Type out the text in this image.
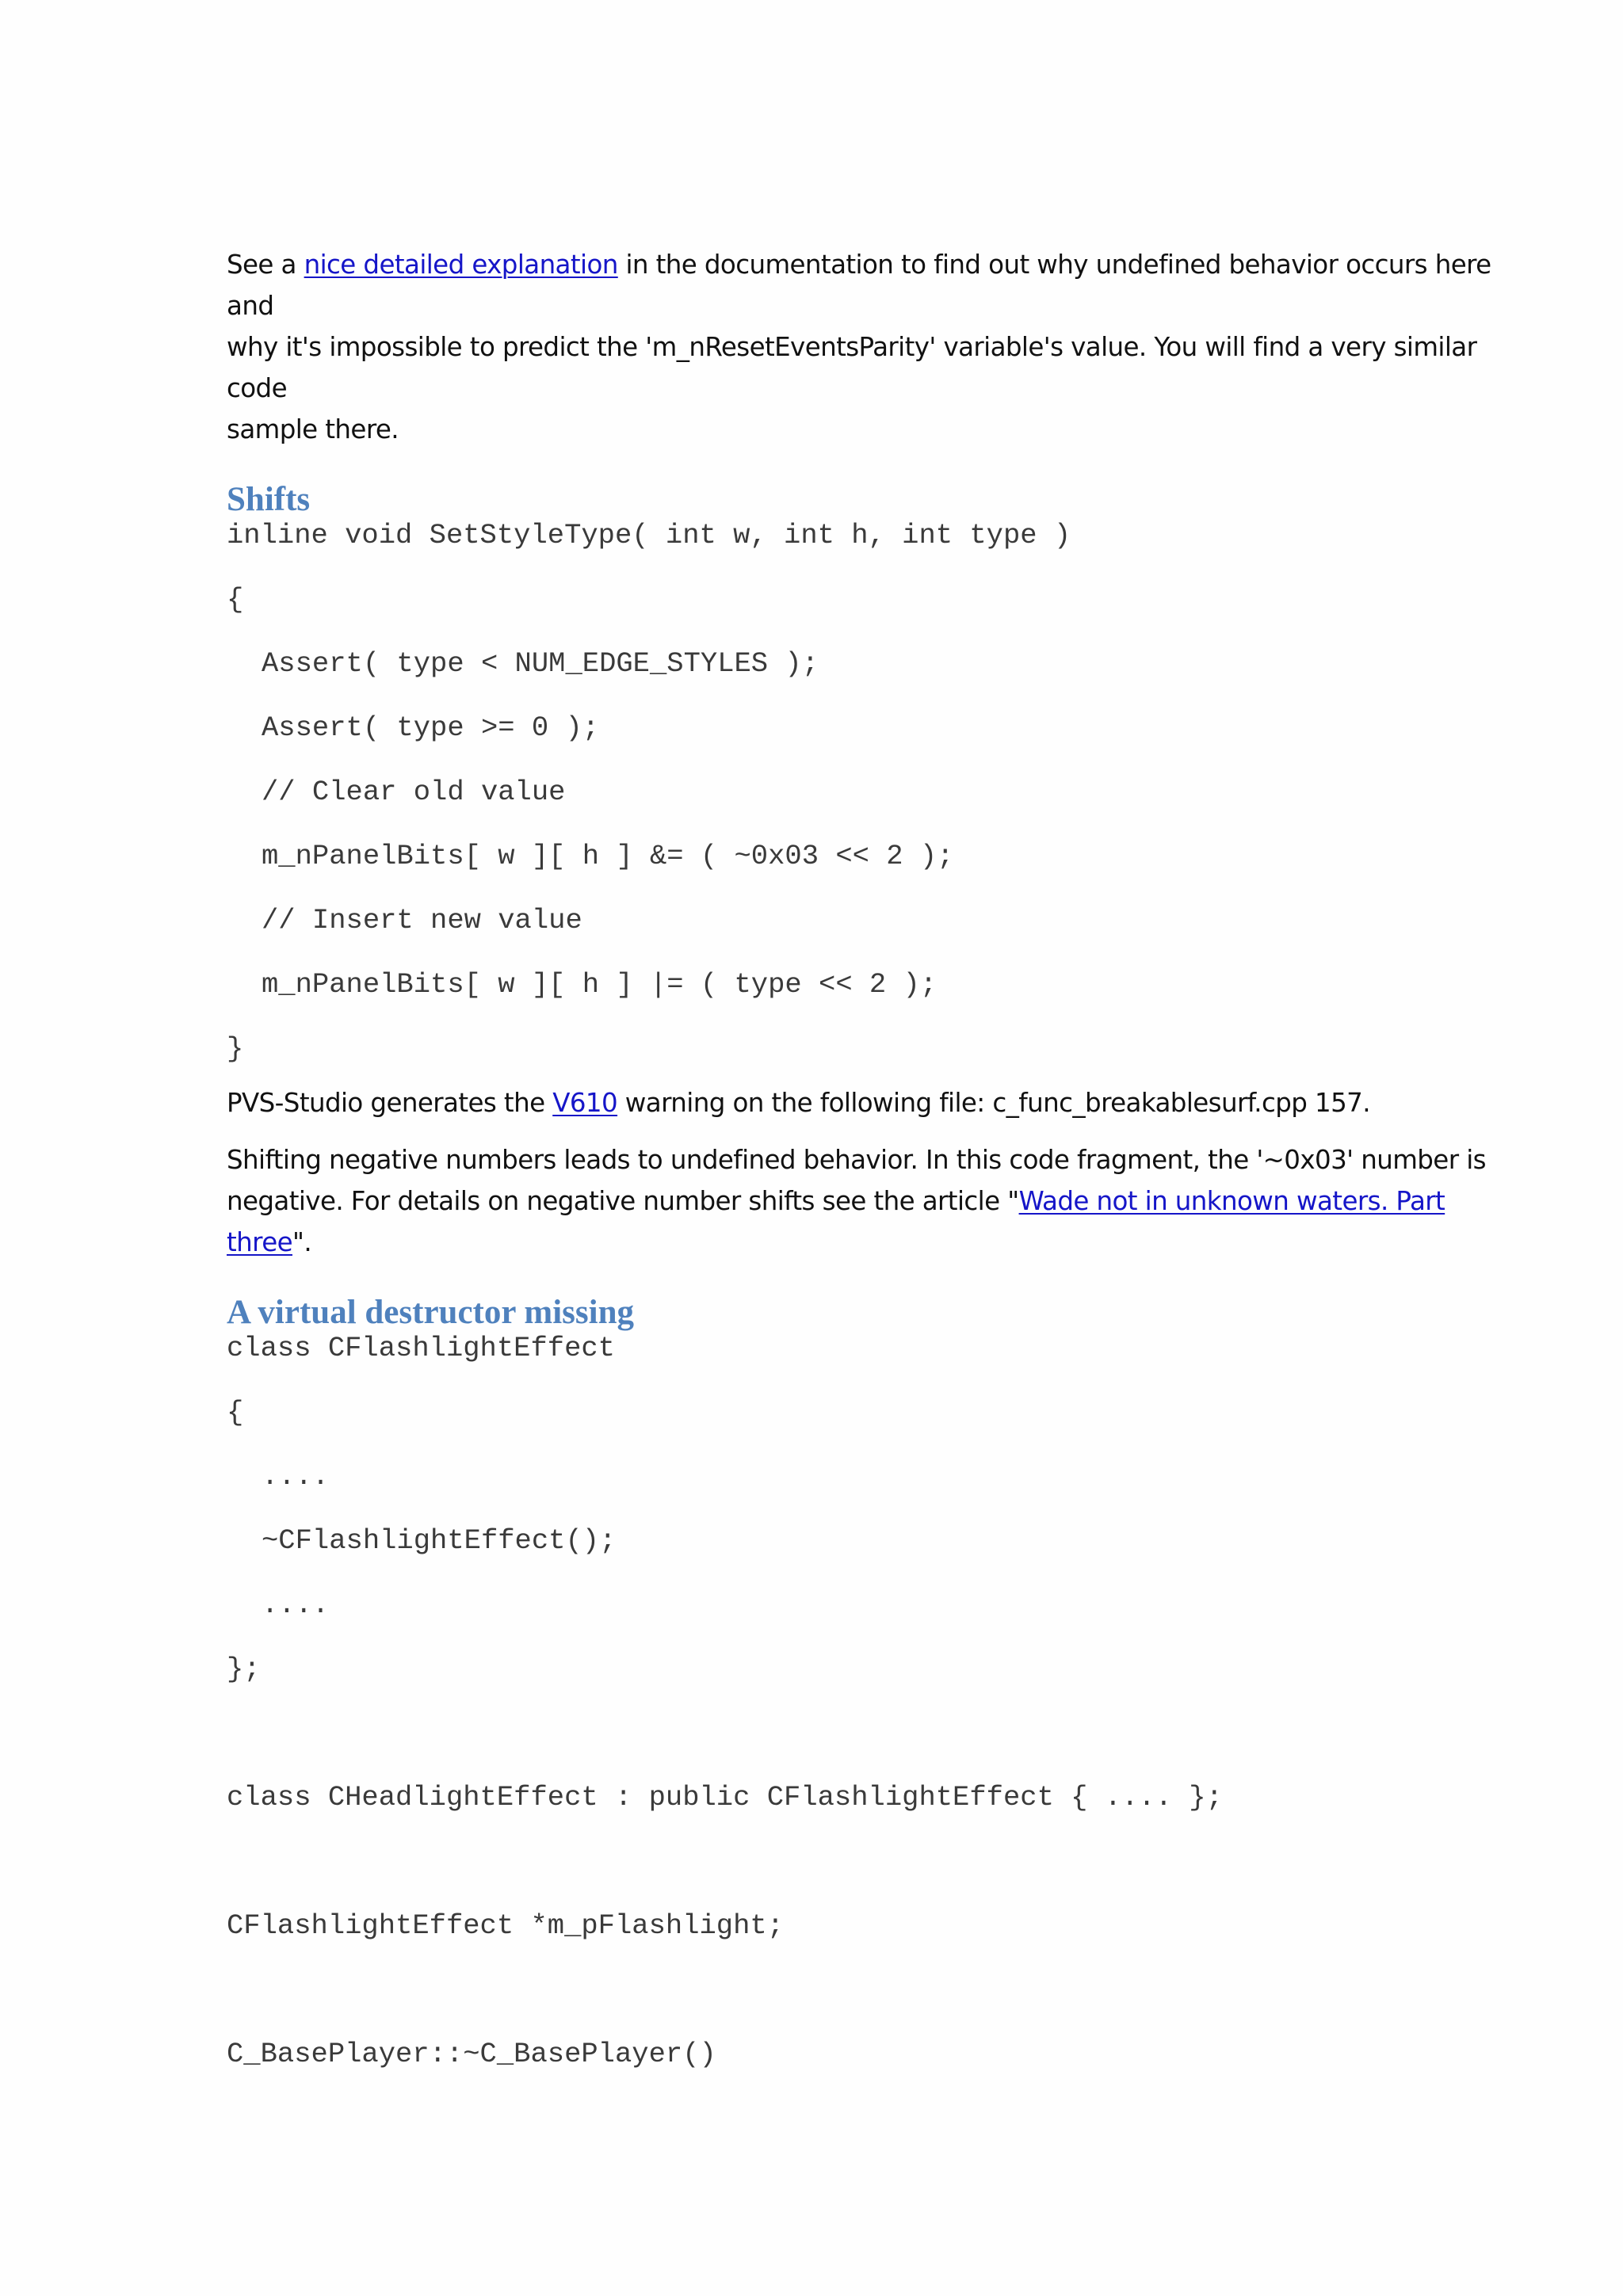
See a nice detailed explanation in the documentation to find out why undefined behavior occurs here and
why it's impossible to predict the 'm_nResetEventsParity' variable's value. You will find a very similar code
sample there.

Shifts

inline void SetStyleType( int w, int h, int type )

{

Assert( type < NUM_EDGE_STYLES );

Assert( type >= 0 );

// Clear old value

m_nPanelBits[ w ][ h ] &= ( ~0x03 << 2 );

// Insert new value

m_nPanelBits[ w ][ h ] |= ( type << 2 );

}

PVS-Studio generates the V610 warning on the following file: c_func_breakablesurf.cpp 157.

Shifting negative numbers leads to undefined behavior. In this code fragment, the '~0x03' number is
negative. For details on negative number shifts see the article "Wade not in unknown waters. Part three".

A virtual destructor missing

class CFlashlightEffect

{

....

~CFlashlightEffect();

....

};

class CHeadlightEffect : public CFlashlightEffect { .... };

CFlashlightEffect *m_pFlashlight;

C_BasePlayer::~C_BasePlayer()
